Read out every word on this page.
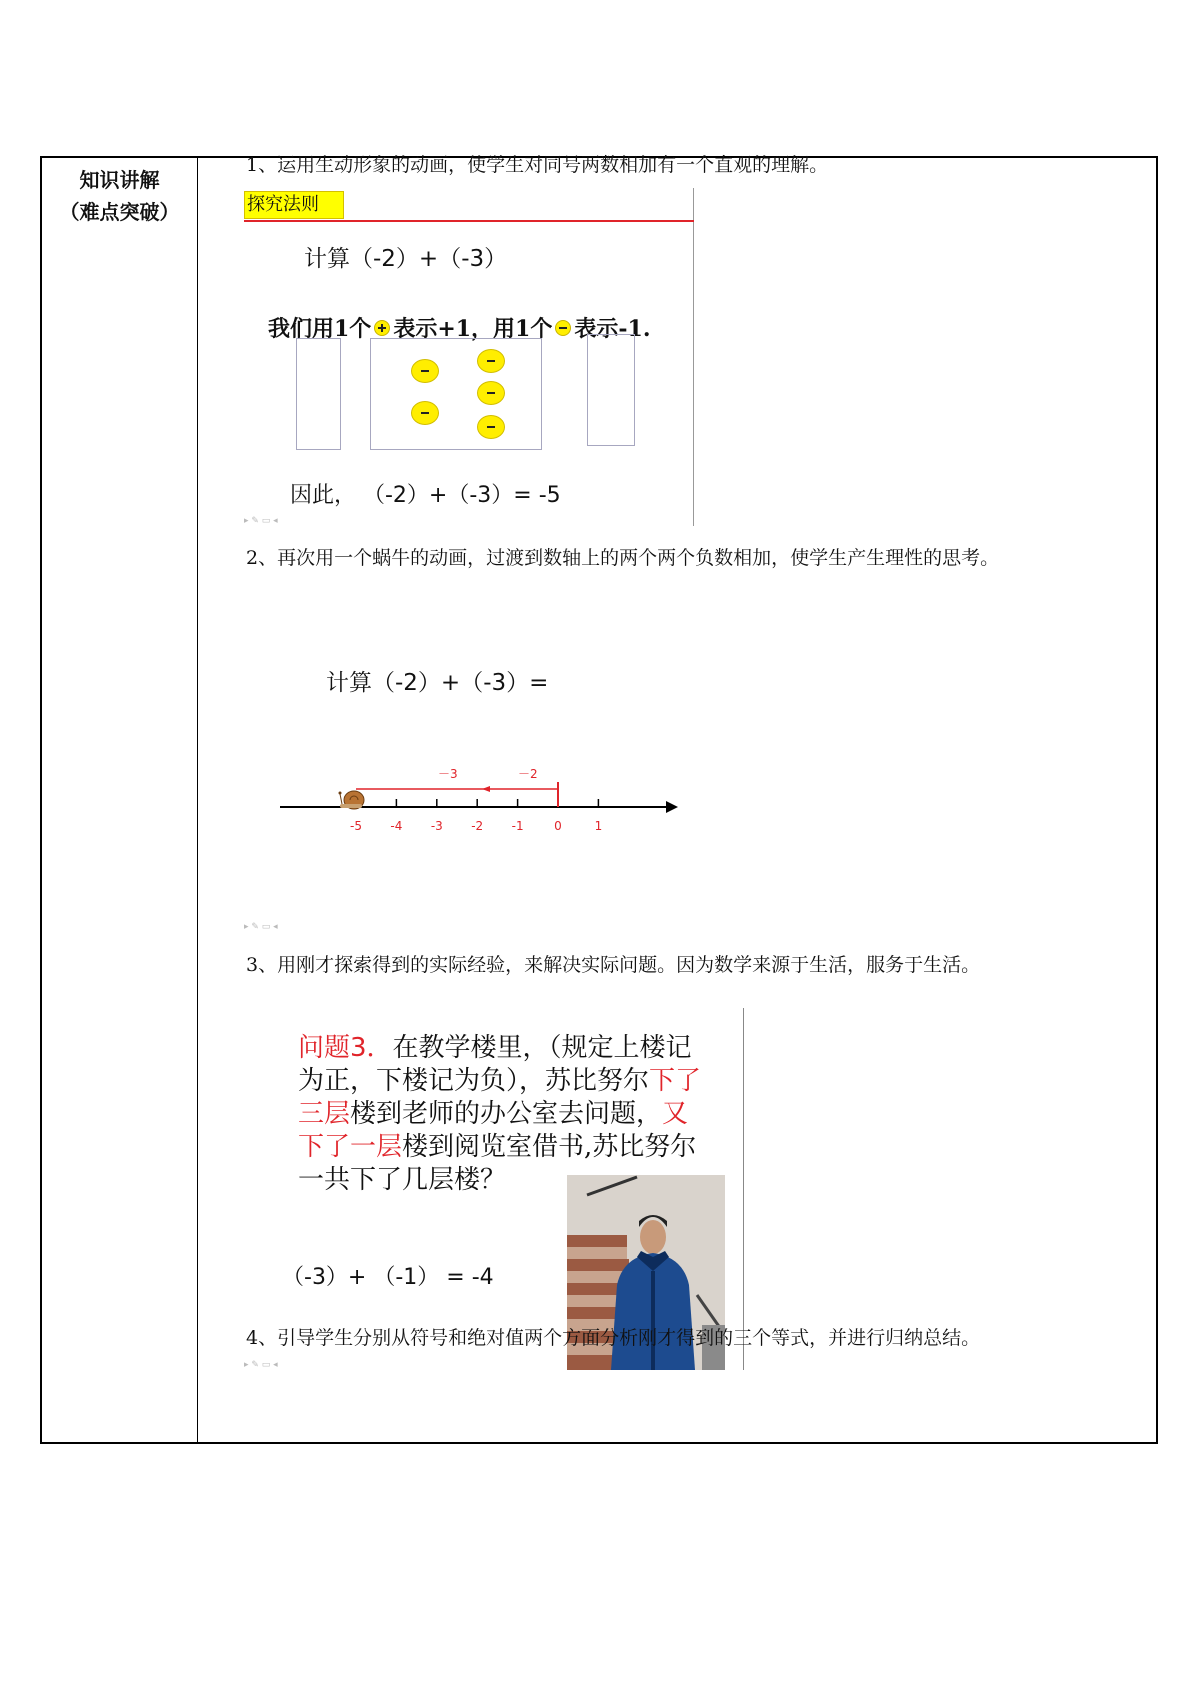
知识讲解
（难点突破）
1、运用生动形象的动画，使学生对同号两数相加有一个直观的理解。
探究法则
计算（-2）+（-3）
我们用1个 表示+1，用1个 表示-1.
因此， （-2）+（-3）= -5
▸ ✎ ▭ ◂
2、再次用一个蜗牛的动画，过渡到数轴上的两个两个负数相加，使学生产生理性的思考。
计算（-2）+（-3）=
-5 -4 -3 -2 -1	0	1
－3	－2
▸ ✎ ▭ ◂
3、用刚才探索得到的实际经验，来解决实际问题。因为数学来源于生活，服务于生活。
问题3．在教学楼里，（规定上楼记为正，下楼记为负），苏比努尔下了三层楼到老师的办公室去问题，又下了一层楼到阅览室借书,苏比努尔一共下了几层楼？
（-3）+ （-1） = -4
▸ ✎ ▭ ◂
4、引导学生分别从符号和绝对值两个方面分析刚才得到的三个等式，并进行归纳总结。
